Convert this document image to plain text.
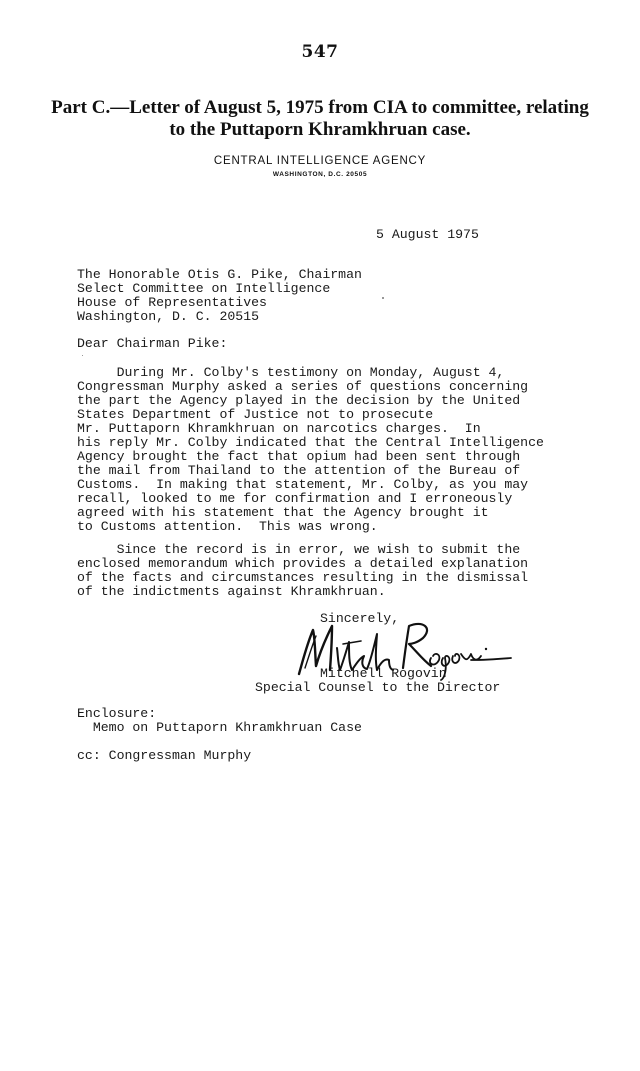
547
Part C.—Letter of August 5, 1975 from CIA to committee, relating
to the Puttaporn Khramkhruan case.
CENTRAL INTELLIGENCE AGENCY
WASHINGTON, D.C. 20505
5 August 1975
The Honorable Otis G. Pike, Chairman
Select Committee on Intelligence
House of Representatives
Washington, D. C. 20515
Dear Chairman Pike:
During Mr. Colby's testimony on Monday, August 4,
Congressman Murphy asked a series of questions concerning
the part the Agency played in the decision by the United
States Department of Justice not to prosecute
Mr. Puttaporn Khramkhruan on narcotics charges.  In
his reply Mr. Colby indicated that the Central Intelligence
Agency brought the fact that opium had been sent through
the mail from Thailand to the attention of the Bureau of
Customs.  In making that statement, Mr. Colby, as you may
recall, looked to me for confirmation and I erroneously
agreed with his statement that the Agency brought it
to Customs attention.  This was wrong.
Since the record is in error, we wish to submit the
enclosed memorandum which provides a detailed explanation
of the facts and circumstances resulting in the dismissal
of the indictments against Khramkhruan.
Sincerely,
Mitchell Rogovin
Special Counsel to the Director
Enclosure:
Memo on Puttaporn Khramkhruan Case
cc: Congressman Murphy
